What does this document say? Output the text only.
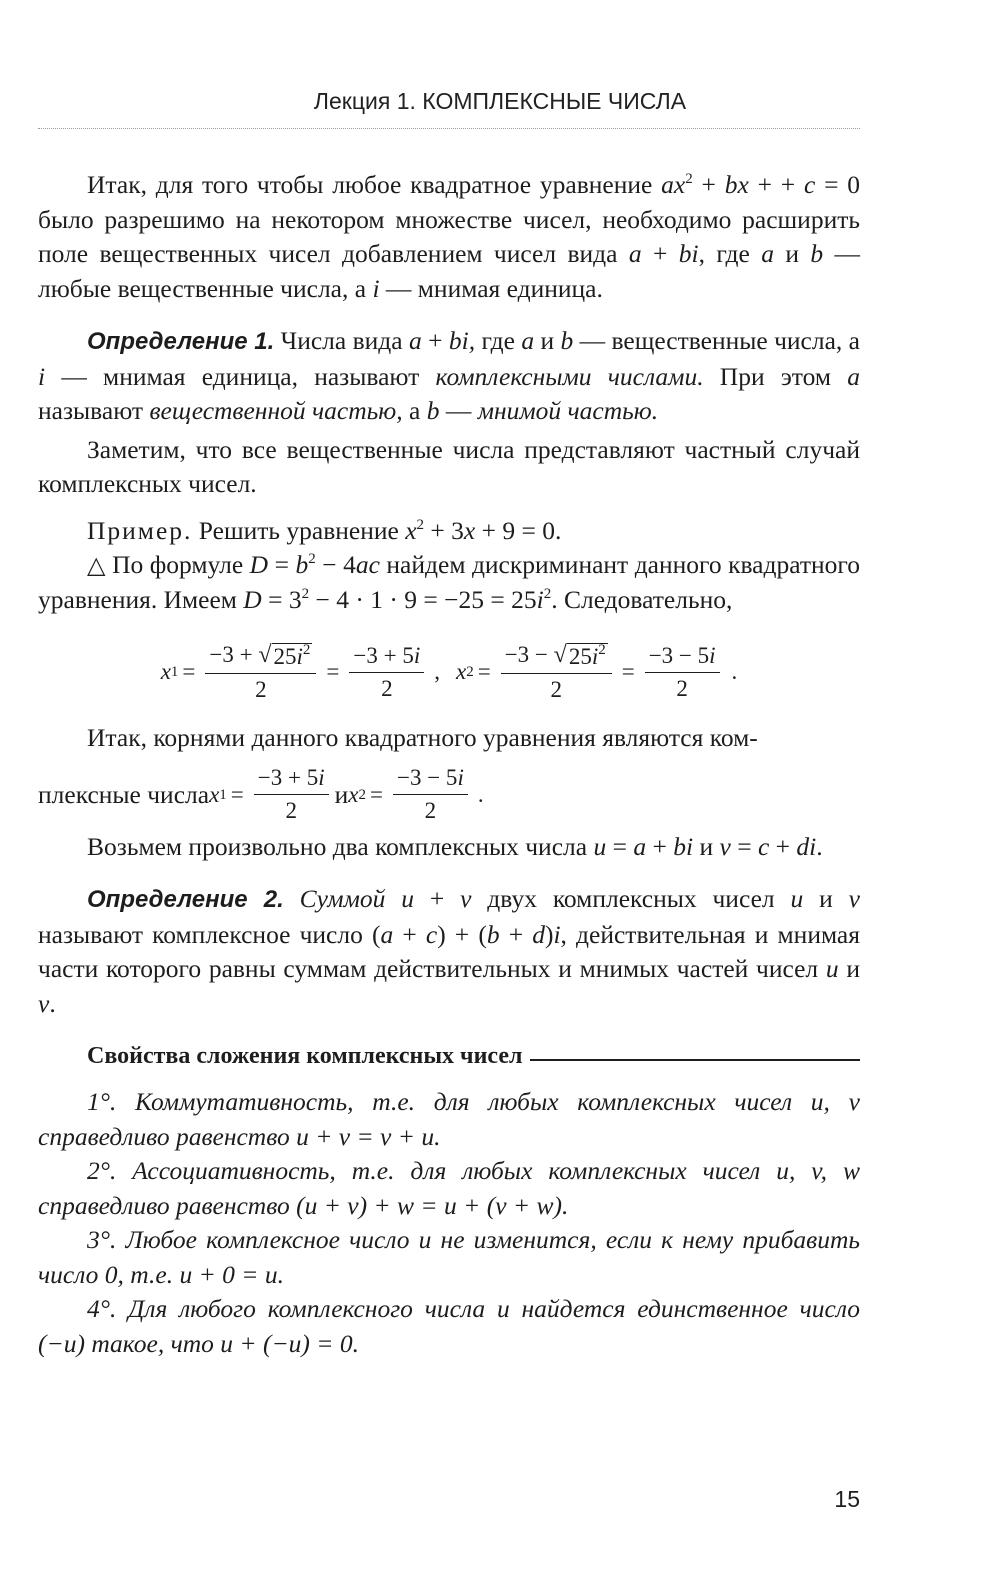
Лекция 1. КОМПЛЕКСНЫЕ ЧИСЛА

Итак, для того чтобы любое квадратное уравнение $ax^2$ + bx + + c = 0 было разрешимо на некотором множестве чисел, необходимо расширить поле вещественных чисел добавлением чисел вида a + bi, где a и b — любые вещественные числа, а i — мнимая единица.

Определение 1. Числа вида a + bi, где a и b — вещественные числа, а i — мнимая единица, называют комплексными числами. При этом a называют вещественной частью, а b — мнимой частью.

Заметим, что все вещественные числа представляют частный случай комплексных чисел.

Пример. Решить уравнение $x^2 + 3x + 9 = 0$.

△ По формуле $D = b^2 - 4ac$ найдем дискриминант данного квадратного уравнения. Имеем $D = 3^2 - 4 \cdot 1 \cdot 9 = -25 = 25i^2$. Следовательно,

x $1 = \frac{-3 + √ 25i^2}{2} = \frac{-3 + 5i}{2}$ , x $2 = \frac{-3 - √ 25i^2}{2} = \frac{-3 - 5i}{2}$ .

Итак, корнями данного квадратного уравнения являются ком-

плексные числа x $1 = \frac{-3 + 5i}{2}$ и x $2 = \frac{-3 - 5i}{2}$ .

Возьмем произвольно два комплексных числа u = a + bi и v = c + di.

Определение 2. Суммой u + v двух комплексных чисел u и v называют комплексное число (a + c) + (b + d)i, действительная и мнимая части которого равны суммам действительных и мнимых частей чисел u и v.

Свойства сложения комплексных чисел

1°. Коммутативность, т.е. для любых комплексных чисел u, v справедливо равенство u + v = v + u.

2°. Ассоциативность, т.е. для любых комплексных чисел u, v, w справедливо равенство (u + v) + w = u + (v + w).

3°. Любое комплексное число u не изменится, если к нему прибавить число 0, т.е. u + 0 = u.

4°. Для любого комплексного числа u найдется единственное число (−u) такое, что u + (−u) = 0.

15
